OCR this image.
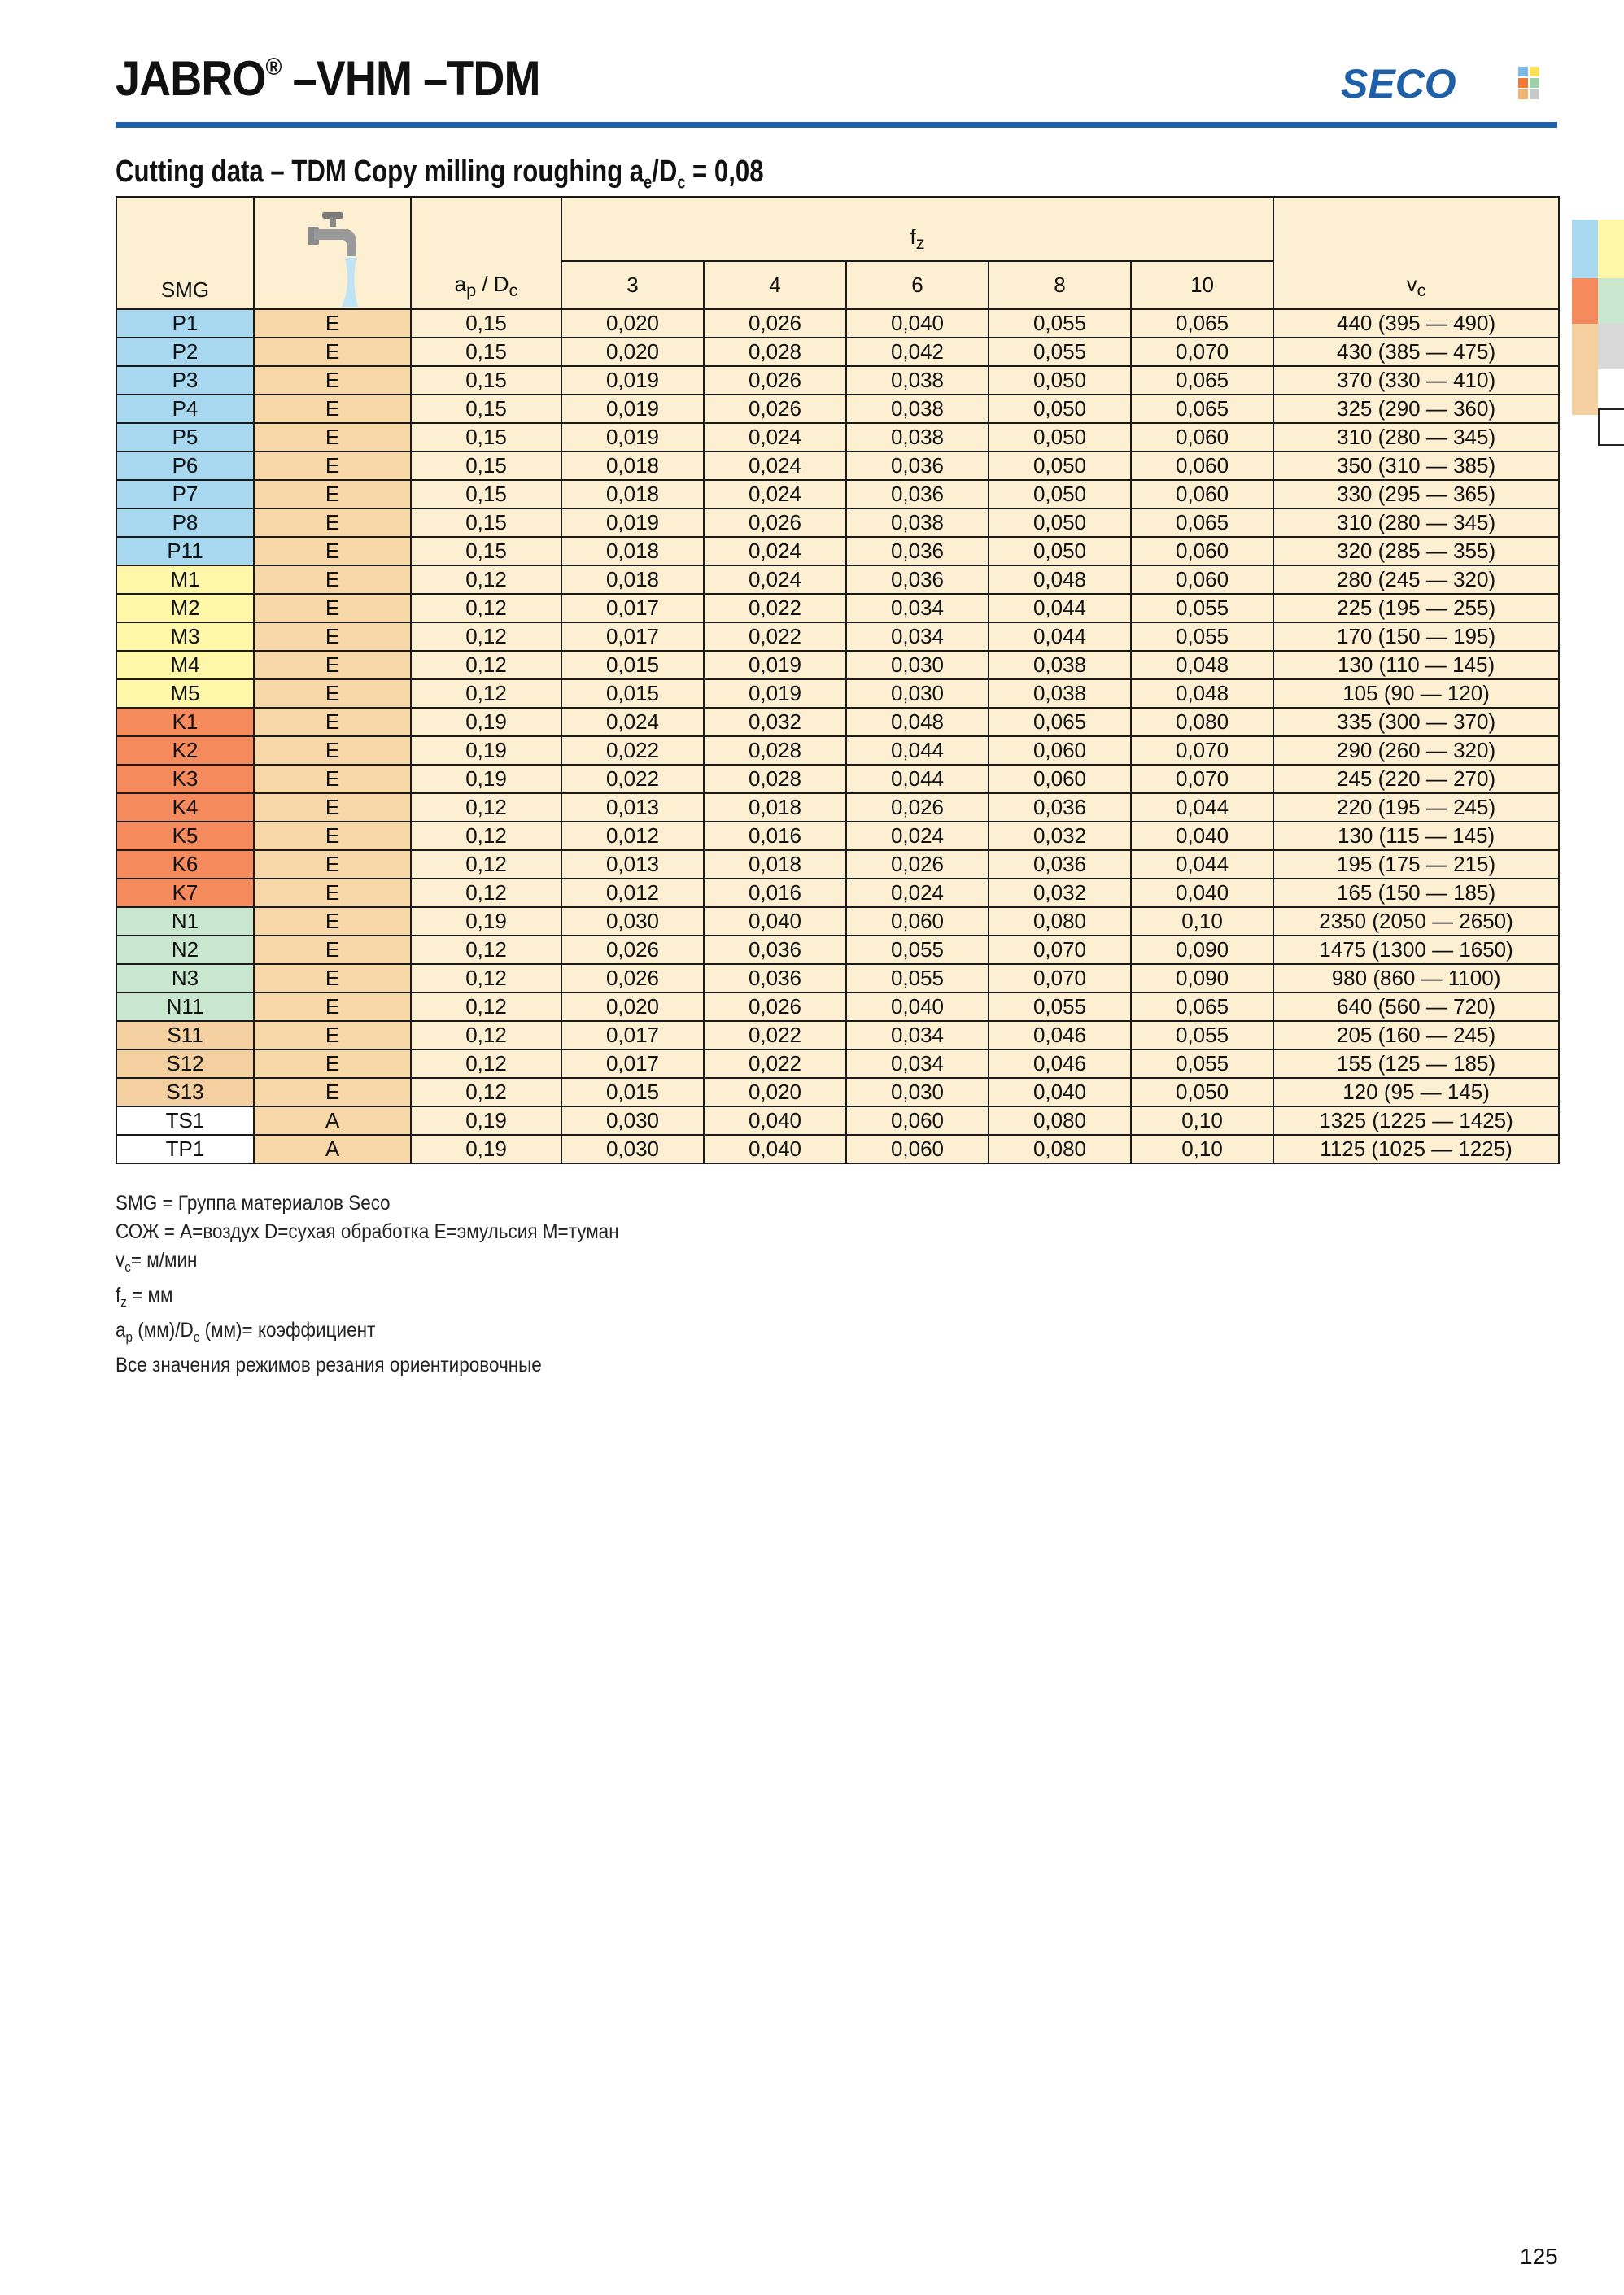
JABRO® –VHM –TDM	SECO
Cutting data – TDM Copy milling roughing $a_e/D_c = 0,08$
SMG		$a_p / D_c$	$f_z$					$v_c$
			3	4	6	8	10	
P1	E	0,15	0,020	0,026	0,040	0,055	0,065	440 (395 — 490)
P2	E	0,15	0,020	0,028	0,042	0,055	0,070	430 (385 — 475)
P3	E	0,15	0,019	0,026	0,038	0,050	0,065	370 (330 — 410)
P4	E	0,15	0,019	0,026	0,038	0,050	0,065	325 (290 — 360)
P5	E	0,15	0,019	0,024	0,038	0,050	0,060	310 (280 — 345)
P6	E	0,15	0,018	0,024	0,036	0,050	0,060	350 (310 — 385)
P7	E	0,15	0,018	0,024	0,036	0,050	0,060	330 (295 — 365)
P8	E	0,15	0,019	0,026	0,038	0,050	0,065	310 (280 — 345)
P11	E	0,15	0,018	0,024	0,036	0,050	0,060	320 (285 — 355)
M1	E	0,12	0,018	0,024	0,036	0,048	0,060	280 (245 — 320)
M2	E	0,12	0,017	0,022	0,034	0,044	0,055	225 (195 — 255)
M3	E	0,12	0,017	0,022	0,034	0,044	0,055	170 (150 — 195)
M4	E	0,12	0,015	0,019	0,030	0,038	0,048	130 (110 — 145)
M5	E	0,12	0,015	0,019	0,030	0,038	0,048	105 (90 — 120)
K1	E	0,19	0,024	0,032	0,048	0,065	0,080	335 (300 — 370)
K2	E	0,19	0,022	0,028	0,044	0,060	0,070	290 (260 — 320)
K3	E	0,19	0,022	0,028	0,044	0,060	0,070	245 (220 — 270)
K4	E	0,12	0,013	0,018	0,026	0,036	0,044	220 (195 — 245)
K5	E	0,12	0,012	0,016	0,024	0,032	0,040	130 (115 — 145)
K6	E	0,12	0,013	0,018	0,026	0,036	0,044	195 (175 — 215)
K7	E	0,12	0,012	0,016	0,024	0,032	0,040	165 (150 — 185)
N1	E	0,19	0,030	0,040	0,060	0,080	0,10	2350 (2050 — 2650)
N2	E	0,12	0,026	0,036	0,055	0,070	0,090	1475 (1300 — 1650)
N3	E	0,12	0,026	0,036	0,055	0,070	0,090	980 (860 — 1100)
N11	E	0,12	0,020	0,026	0,040	0,055	0,065	640 (560 — 720)
S11	E	0,12	0,017	0,022	0,034	0,046	0,055	205 (160 — 245)
S12	E	0,12	0,017	0,022	0,034	0,046	0,055	155 (125 — 185)
S13	E	0,12	0,015	0,020	0,030	0,040	0,050	120 (95 — 145)
TS1	A	0,19	0,030	0,040	0,060	0,080	0,10	1325 (1225 — 1425)
TP1	A	0,19	0,030	0,040	0,060	0,080	0,10	1125 (1025 — 1225)
SMG = Группа материалов Seco
СОЖ = A=воздух D=сухая обработка E=эмульсия M=туман
$v_c= м/мин$
$f_z$ = мм
$a_p$ $(мм)/D_c$ (мм)= коэффициент
Все значения режимов резания ориентировочные
125
